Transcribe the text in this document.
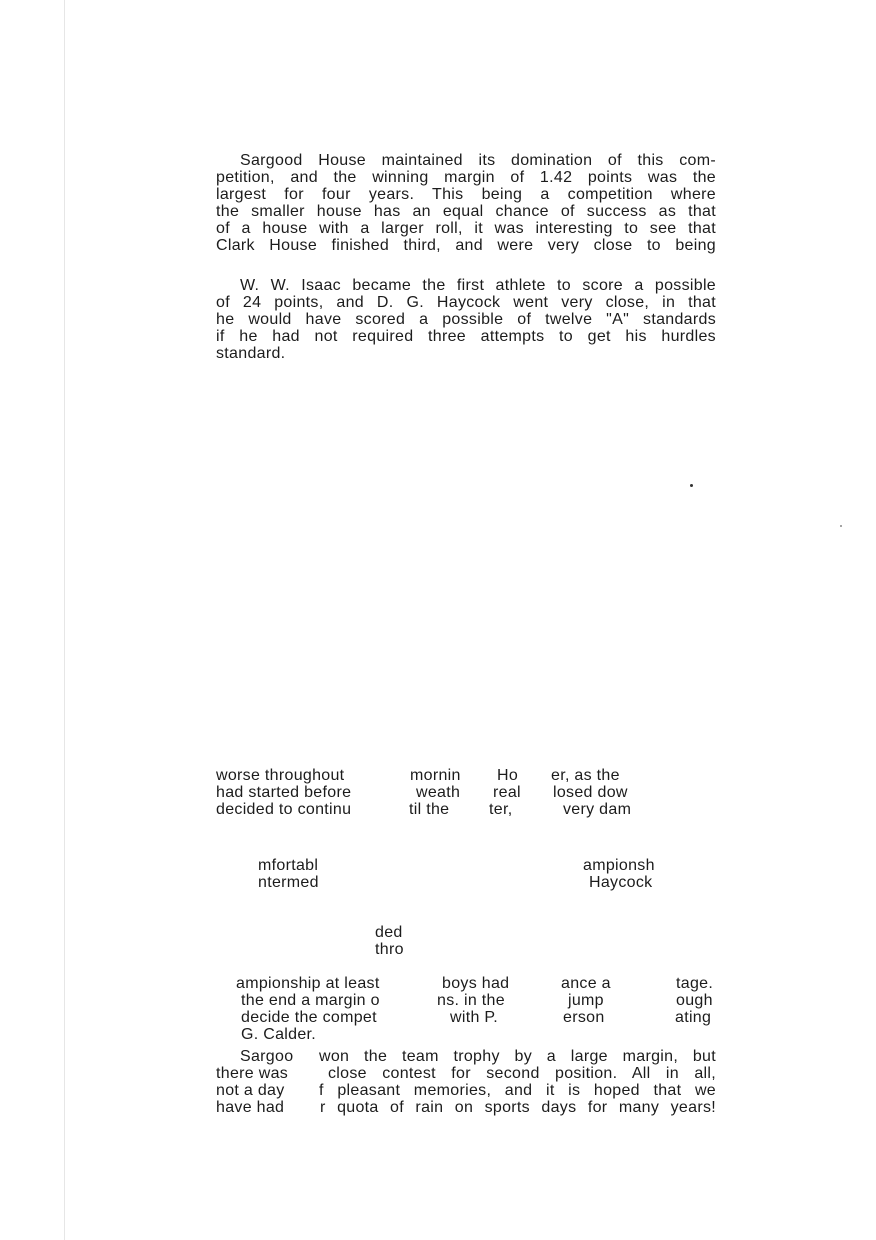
Sargood House maintained its domination of this com-
petition, and the winning margin of 1.42 points was the
largest for four years. This being a competition where
the smaller house has an equal chance of success as that
of a house with a larger roll, it was interesting to see that
Clark House finished third, and were very close to being
W. W. Isaac became the first athlete to score a possible
of 24 points, and D. G. Haycock went very close, in that
he would have scored a possible of twelve "A" standards
if he had not required three attempts to get his hurdles
standard.
worse throughout
had started before
decided to continu
mornin
weath
til the
Ho
real
ter,
er, as the
losed dow
very dam
mfortabl
ntermed
ampionsh
Haycock
ded
thro
ampionship at least
the end a margin o
decide the compet
G. Calder.
boys had
ns. in the
with P.
ance a
jump
erson
tage.
ough
ating
Sargoo
there was
not a day
have had
won the team trophy by a large margin, but
close contest for second position. All in all,
f pleasant memories, and it is hoped that we
r quota of rain on sports days for many years!
